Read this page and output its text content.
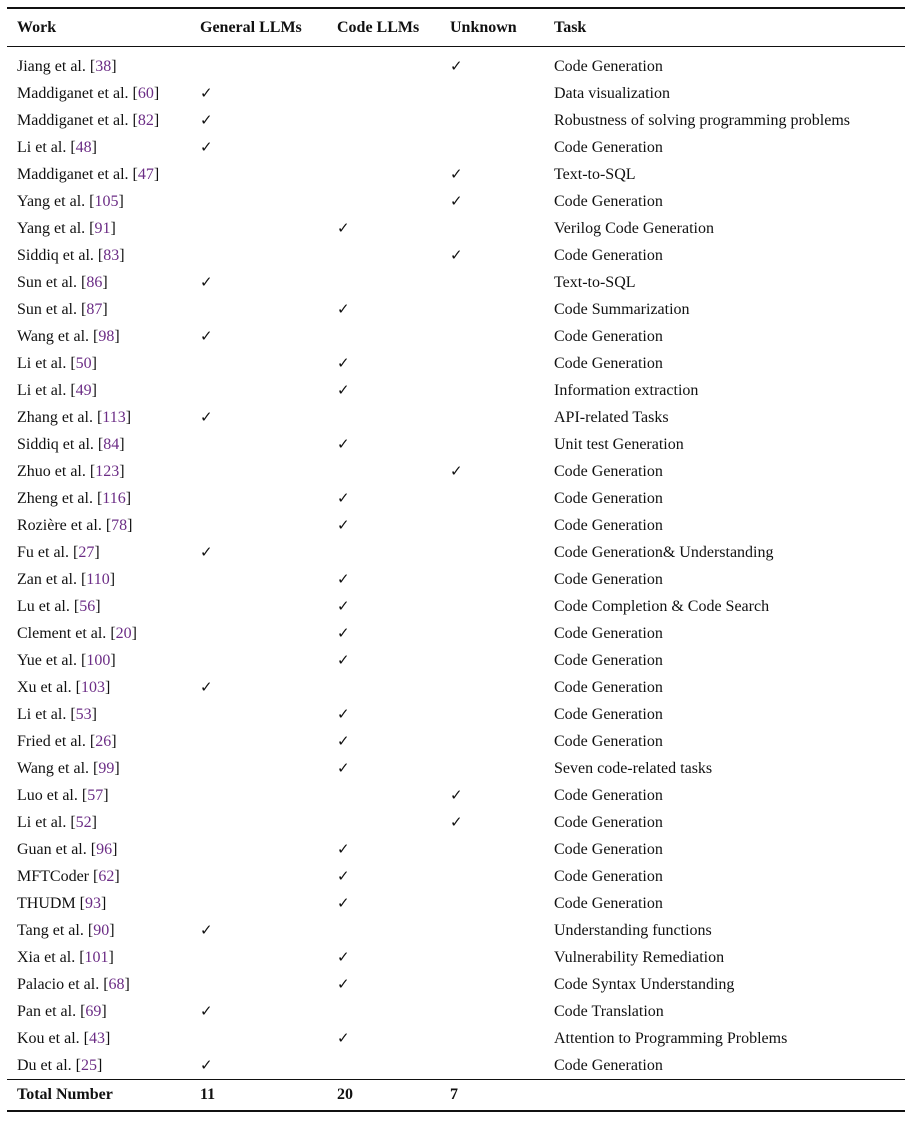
Work	General LLMs	Code LLMs	Unknown	Task
Jiang et al. [38]			✓	Code Generation
Maddiganet et al. [60]	✓			Data visualization
Maddiganet et al. [82]	✓			Robustness of solving programming problems
Li et al. [48]	✓			Code Generation
Maddiganet et al. [47]			✓	Text-to-SQL
Yang et al. [105]			✓	Code Generation
Yang et al. [91]		✓		Verilog Code Generation
Siddiq et al. [83]			✓	Code Generation
Sun et al. [86]	✓			Text-to-SQL
Sun et al. [87]		✓		Code Summarization
Wang et al. [98]	✓			Code Generation
Li et al. [50]		✓		Code Generation
Li et al. [49]		✓		Information extraction
Zhang et al. [113]	✓			API-related Tasks
Siddiq et al. [84]		✓		Unit test Generation
Zhuo et al. [123]			✓	Code Generation
Zheng et al. [116]		✓		Code Generation
Rozière et al. [78]		✓		Code Generation
Fu et al. [27]	✓			Code Generation& Understanding
Zan et al. [110]		✓		Code Generation
Lu et al. [56]		✓		Code Completion & Code Search
Clement et al. [20]		✓		Code Generation
Yue et al. [100]		✓		Code Generation
Xu et al. [103]	✓			Code Generation
Li et al. [53]		✓		Code Generation
Fried et al. [26]		✓		Code Generation
Wang et al. [99]		✓		Seven code-related tasks
Luo et al. [57]			✓	Code Generation
Li et al. [52]			✓	Code Generation
Guan et al. [96]		✓		Code Generation
MFTCoder [62]		✓		Code Generation
THUDM [93]		✓		Code Generation
Tang et al. [90]	✓			Understanding functions
Xia et al. [101]		✓		Vulnerability Remediation
Palacio et al. [68]		✓		Code Syntax Understanding
Pan et al. [69]	✓			Code Translation
Kou et al. [43]		✓		Attention to Programming Problems
Du et al. [25]	✓			Code Generation
Total Number	11	20	7	
